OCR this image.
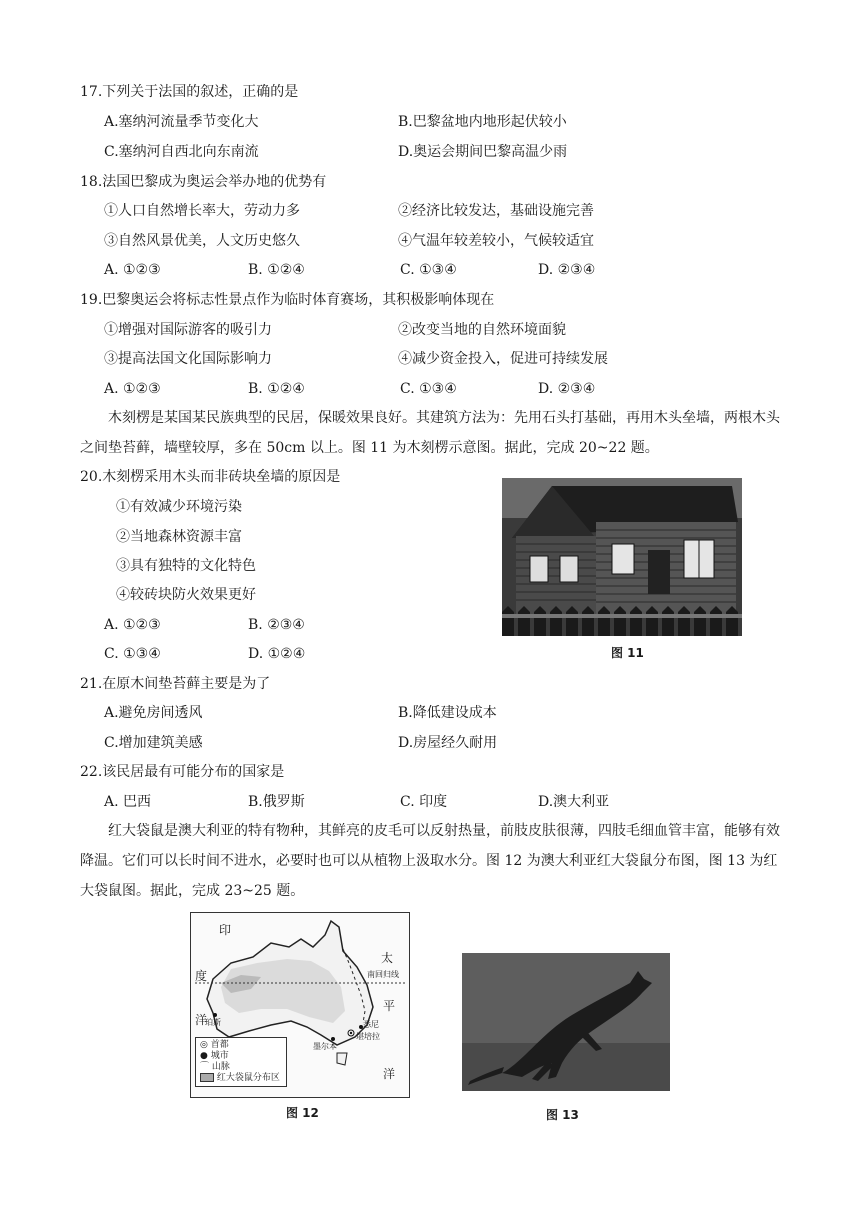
17.下列关于法国的叙述，正确的是
A.塞纳河流量季节变化大	B.巴黎盆地内地形起伏较小
C.塞纳河自西北向东南流	D.奥运会期间巴黎高温少雨
18.法国巴黎成为奥运会举办地的优势有
①人口自然增长率大，劳动力多	②经济比较发达，基础设施完善
③自然风景优美，人文历史悠久	④气温年较差较小，气候较适宜
A. ①②③	B. ①②④	C. ①③④	D. ②③④
19.巴黎奥运会将标志性景点作为临时体育赛场，其积极影响体现在
①增强对国际游客的吸引力	②改变当地的自然环境面貌
③提高法国文化国际影响力	④减少资金投入，促进可持续发展
A. ①②③	B. ①②④	C. ①③④	D. ②③④
木刻楞是某国某民族典型的民居，保暖效果良好。其建筑方法为：先用石头打基础，再用木头垒墙，两根木头之间垫苔藓，墙壁较厚，多在 50cm 以上。图 11 为木刻楞示意图。据此，完成 20~22 题。
20.木刻楞采用木头而非砖块垒墙的原因是
①有效减少环境污染
②当地森林资源丰富
③具有独特的文化特色
④较砖块防火效果更好
A. ①②③	B. ②③④
C. ①③④	D. ①②④	图 11
21.在原木间垫苔藓主要是为了
A.避免房间透风	B.降低建设成本
C.增加建筑美感	D.房屋经久耐用
22.该民居最有可能分布的国家是
A. 巴西	B.俄罗斯	C. 印度	D.澳大利亚
红大袋鼠是澳大利亚的特有物种，其鲜亮的皮毛可以反射热量，前肢皮肤很薄，四肢毛细血管丰富，能够有效降温。它们可以长时间不进水，必要时也可以从植物上汲取水分。图 12 为澳大利亚红大袋鼠分布图，图 13 为红大袋鼠图。据此，完成 23~25 题。
印
度
洋
太
平
洋
珀斯
墨尔本
悉尼
堪培拉
南回归线
◎ 首都
● 城市
⌒ 山脉
红大袋鼠分布区
图 12	图 13
